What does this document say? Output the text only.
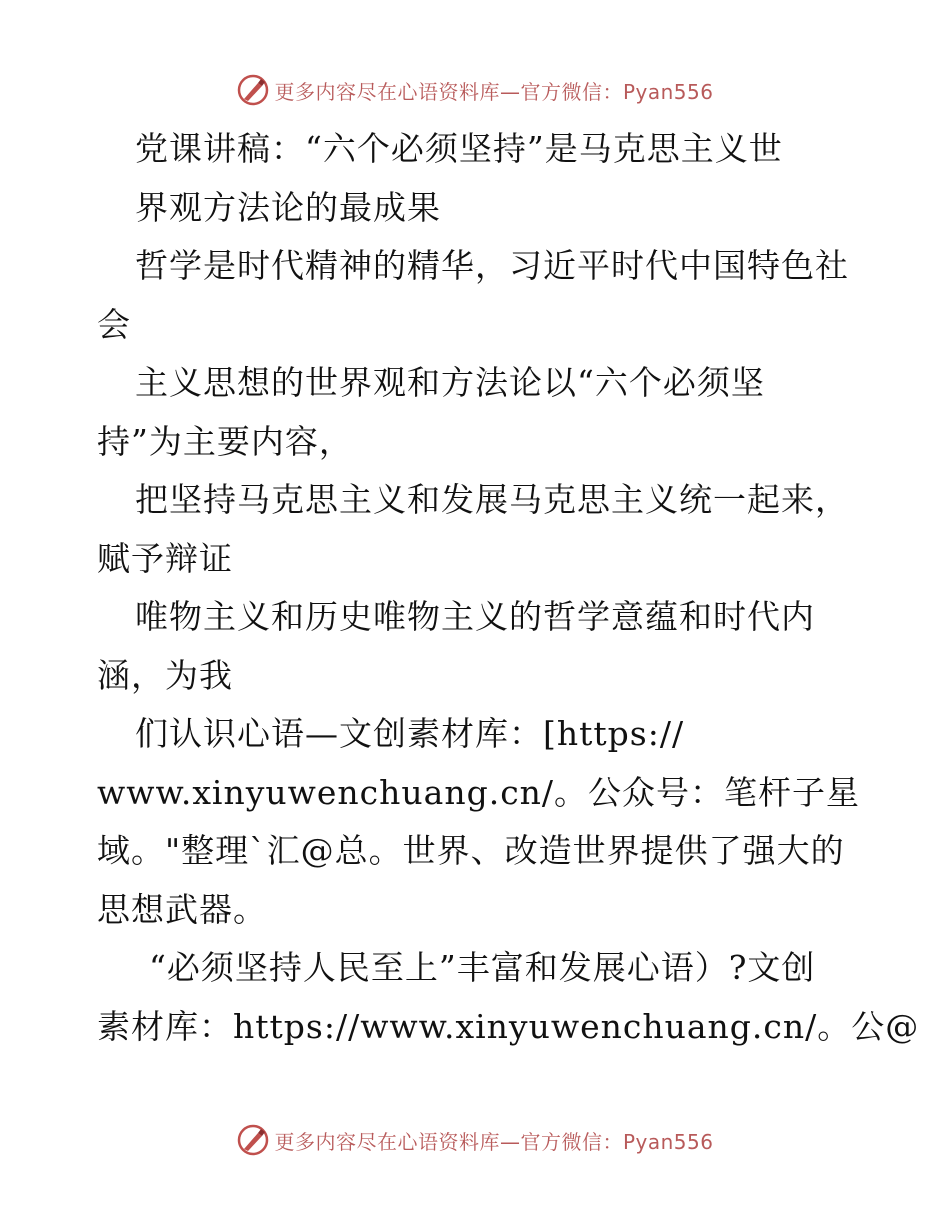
更多内容尽在心语资料库—官方微信：Pyan556
党课讲稿：“六个必须坚持”是马克思主义世
界观方法论的最成果
哲学是时代精神的精华，习近平时代中国特色社
会
主义思想的世界观和方法论以“六个必须坚
持”为主要内容，
把坚持马克思主义和发展马克思主义统一起来，
赋予辩证
唯物主义和历史唯物主义的哲学意蕴和时代内
涵，为我
们认识心语—文创素材库：[https://
www.xinyuwenchuang.cn/。公众号：笔杆子星
域。"整理`汇@总。世界、改造世界提供了强大的
思想武器。
“必须坚持人民至上”丰富和发展心语）?文创
素材库：https://www.xinyuwenchuang.cn/。公@
更多内容尽在心语资料库—官方微信：Pyan556
